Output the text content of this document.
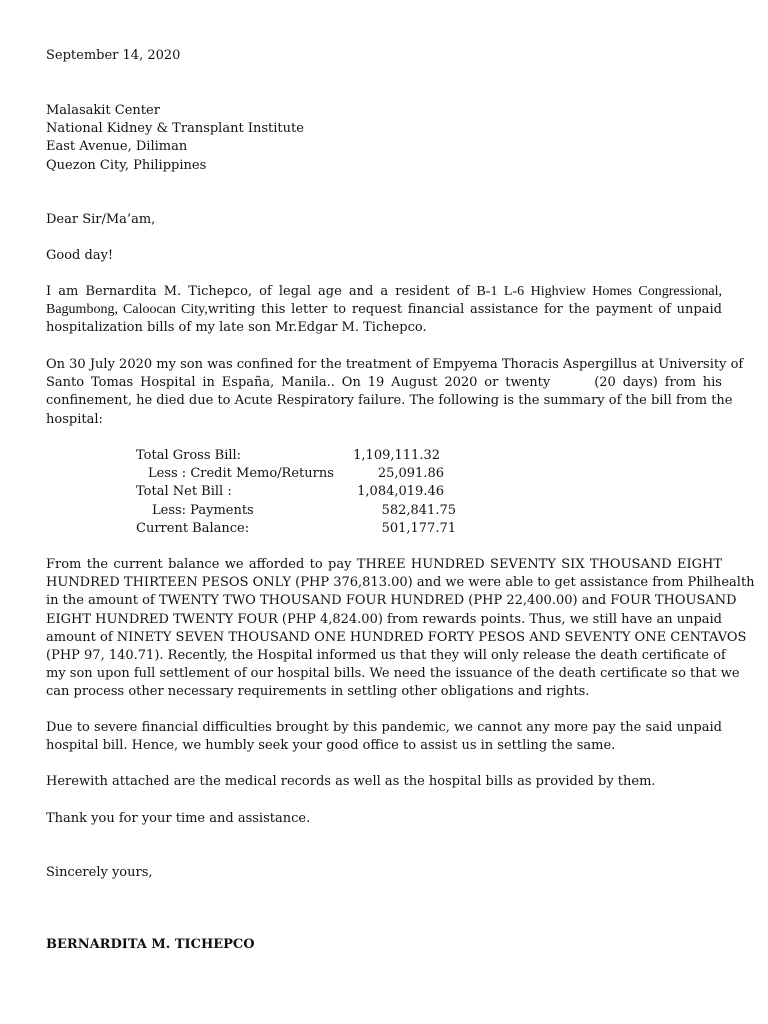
September 14, 2020
Malasakit Center
National Kidney & Transplant Institute
East Avenue, Diliman
Quezon City, Philippines
Dear Sir/Ma’am,
Good day!
I am Bernardita M. Tichepco, of legal age and a resident of B-1 L-6 Highview Homes Congressional,
Bagumbong, Caloocan City,writing this letter to request financial assistance for the payment of unpaid
hospitalization bills of my late son Mr.Edgar M. Tichepco.
On 30 July 2020 my son was confined for the treatment of Empyema Thoracis Aspergillus at University of
Santo Tomas Hospital in España, Manila.. On 19 August 2020 or twenty	(20 days) from his
confinement, he died due to Acute Respiratory failure. The following is the summary of the bill from the
hospital:
Total Gross Bill:	1,109,111.32
Less : Credit Memo/Returns	25,091.86
Total Net Bill :	1,084,019.46
Less: Payments	582,841.75
Current Balance:	501,177.71
From the current balance we afforded to pay THREE HUNDRED SEVENTY SIX THOUSAND EIGHT
HUNDRED THIRTEEN PESOS ONLY (PHP 376,813.00) and we were able to get assistance from Philhealth
in the amount of TWENTY TWO THOUSAND FOUR HUNDRED (PHP 22,400.00) and FOUR THOUSAND
EIGHT HUNDRED TWENTY FOUR (PHP 4,824.00) from rewards points. Thus, we still have an unpaid
amount of NINETY SEVEN THOUSAND ONE HUNDRED FORTY PESOS AND SEVENTY ONE CENTAVOS
(PHP 97, 140.71). Recently, the Hospital informed us that they will only release the death certificate of
my son upon full settlement of our hospital bills. We need the issuance of the death certificate so that we
can process other necessary requirements in settling other obligations and rights.
Due to severe financial difficulties brought by this pandemic, we cannot any more pay the said unpaid
hospital bill. Hence, we humbly seek your good office to assist us in settling the same.
Herewith attached are the medical records as well as the hospital bills as provided by them.
Thank you for your time and assistance.
Sincerely yours,
BERNARDITA M. TICHEPCO
